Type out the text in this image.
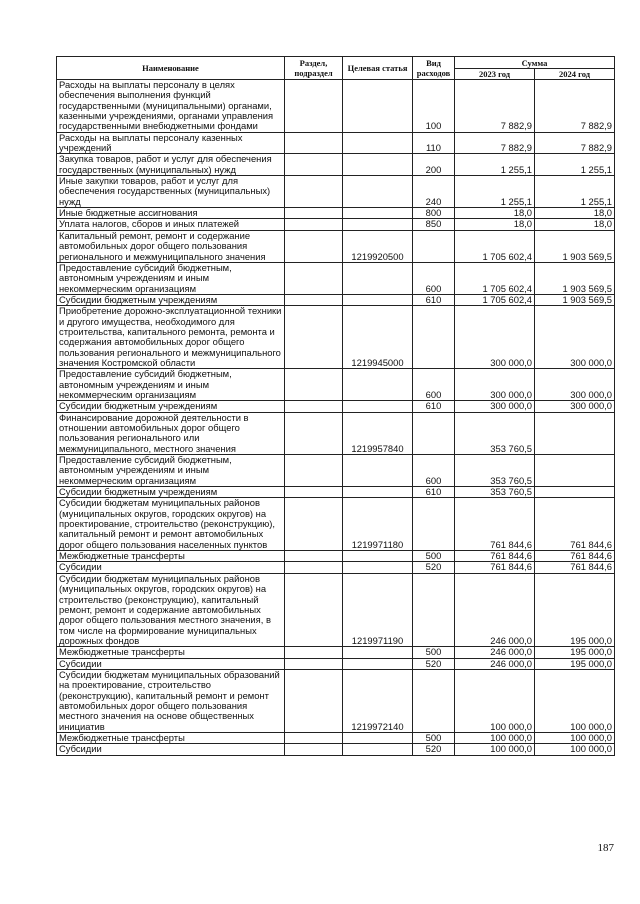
Наименование	Раздел, подраздел	Целевая статья	Вид расходов	Сумма	
				2023 год	2024 год
Расходы на выплаты персоналу в целях обеспечения выполнения функций государственными (муниципальными) органами, казенными учреждениями, органами управления государственными внебюджетными фондами			100	7 882,9	7 882,9
Расходы на выплаты персоналу казенных учреждений			110	7 882,9	7 882,9
Закупка товаров, работ и услуг для обеспечения государственных (муниципальных) нужд			200	1 255,1	1 255,1
Иные закупки товаров, работ и услуг для обеспечения государственных (муниципальных) нужд			240	1 255,1	1 255,1
Иные бюджетные ассигнования			800	18,0	18,0
Уплата налогов, сборов и иных платежей			850	18,0	18,0
Капитальный ремонт, ремонт и содержание автомобильных дорог общего пользования регионального и межмуниципального значения		1219920500		1 705 602,4	1 903 569,5
Предоставление субсидий бюджетным, автономным учреждениям и иным некоммерческим организациям			600	1 705 602,4	1 903 569,5
Субсидии бюджетным учреждениям			610	1 705 602,4	1 903 569,5
Приобретение дорожно-эксплуатационной техники и другого имущества, необходимого для строительства, капитального ремонта, ремонта и содержания автомобильных дорог общего пользования регионального и межмуниципального значения Костромской области		1219945000		300 000,0	300 000,0
Предоставление субсидий бюджетным, автономным учреждениям и иным некоммерческим организациям			600	300 000,0	300 000,0
Субсидии бюджетным учреждениям			610	300 000,0	300 000,0
Финансирование дорожной деятельности в отношении автомобильных дорог общего пользования регионального или межмуниципального, местного значения		1219957840		353 760,5	
Предоставление субсидий бюджетным, автономным учреждениям и иным некоммерческим организациям			600	353 760,5	
Субсидии бюджетным учреждениям			610	353 760,5	
Субсидии бюджетам муниципальных районов (муниципальных округов, городских округов) на проектирование, строительство (реконструкцию), капитальный ремонт и ремонт автомобильных дорог общего пользования населенных пунктов		1219971180		761 844,6	761 844,6
Межбюджетные трансферты			500	761 844,6	761 844,6
Субсидии			520	761 844,6	761 844,6
Субсидии бюджетам муниципальных районов (муниципальных округов, городских округов) на строительство (реконструкцию), капитальный ремонт, ремонт и содержание автомобильных дорог общего пользования местного значения, в том числе на формирование муниципальных дорожных фондов		1219971190		246 000,0	195 000,0
Межбюджетные трансферты			500	246 000,0	195 000,0
Субсидии			520	246 000,0	195 000,0
Субсидии бюджетам муниципальных образований на проектирование, строительство (реконструкцию), капитальный ремонт и ремонт автомобильных дорог общего пользования местного значения на основе общественных инициатив		1219972140		100 000,0	100 000,0
Межбюджетные трансферты			500	100 000,0	100 000,0
Субсидии			520	100 000,0	100 000,0
187
